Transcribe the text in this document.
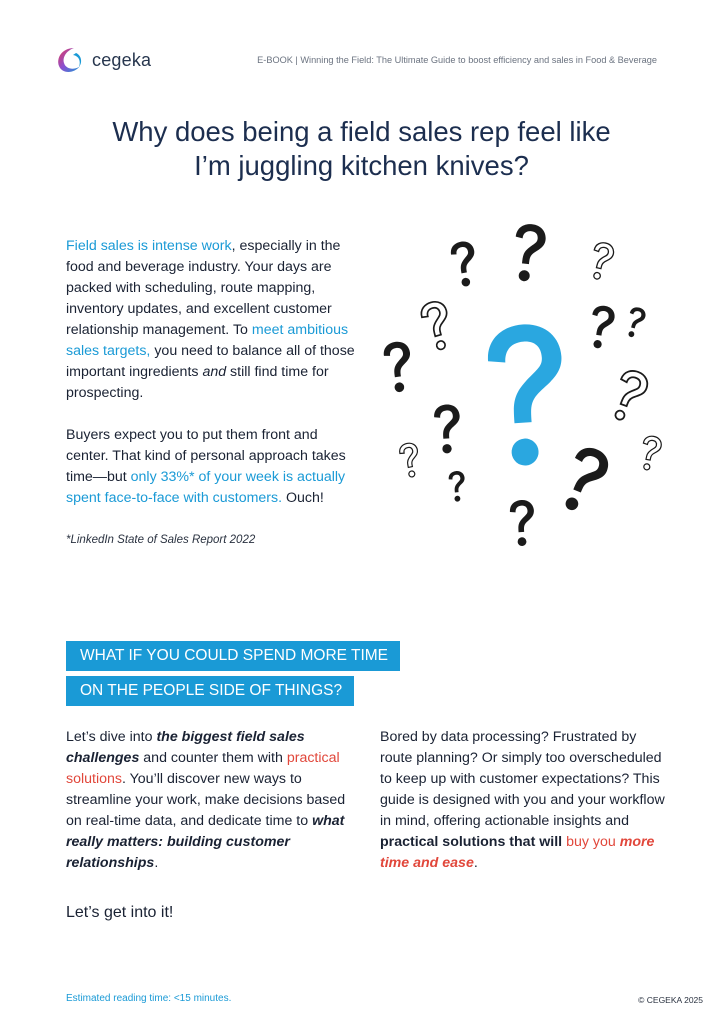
cegeka	E-BOOK | Winning the Field: The Ultimate Guide to boost efficiency and sales in Food & Beverage
Why does being a field sales rep feel like
I’m juggling kitchen knives?

Field sales is intense work, especially in the food and beverage industry. Your days are packed with scheduling, route mapping, inventory updates, and excellent customer relationship management. To meet ambitious sales targets, you need to balance all of those important ingredients and still find time for prospecting.

Buyers expect you to put them front and center. That kind of personal approach takes time—but only 33%* of your week is actually spent face-to-face with customers. Ouch!

*LinkedIn State of Sales Report 2022

WHAT IF YOU COULD SPEND MORE TIME
ON THE PEOPLE SIDE OF THINGS?
Let’s dive into the biggest field sales challenges and counter them with practical solutions. You’ll discover new ways to streamline your work, make decisions based on real-time data, and dedicate time to what really matters: building customer relationships.
Bored by data processing? Frustrated by route planning? Or simply too overscheduled to keep up with customer expectations? This guide is designed with you and your workflow in mind, offering actionable insights and practical solutions that will buy you more time and ease.
Let’s get into it!
Estimated reading time: <15 minutes.	© CEGEKA 2025
